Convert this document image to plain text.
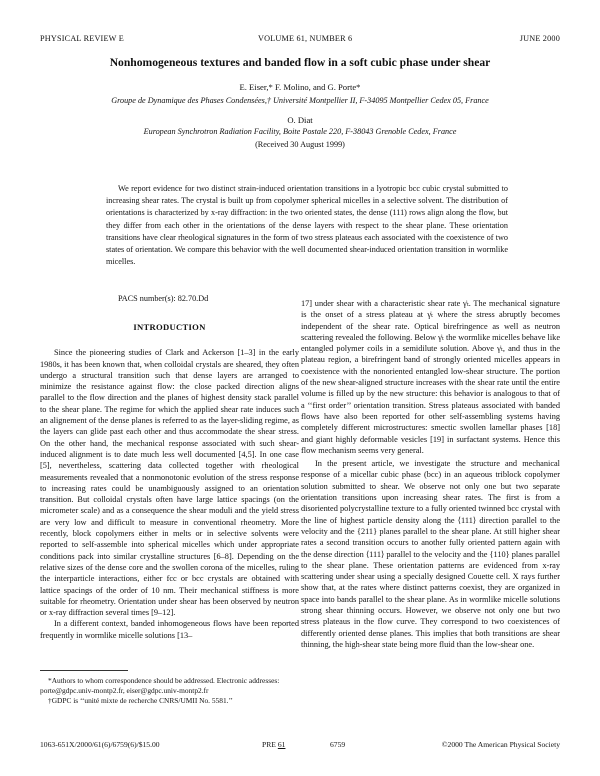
PHYSICAL REVIEW E	VOLUME 61, NUMBER 6	JUNE 2000
Nonhomogeneous textures and banded flow in a soft cubic phase under shear
E. Eiser,* F. Molino, and G. Porte*
Groupe de Dynamique des Phases Condensées,† Université Montpellier II, F-34095 Montpellier Cedex 05, France
O. Diat
European Synchrotron Radiation Facility, Boite Postale 220, F-38043 Grenoble Cedex, France
(Received 30 August 1999)

We report evidence for two distinct strain-induced orientation transitions in a lyotropic bcc cubic crystal submitted to increasing shear rates. The crystal is built up from copolymer spherical micelles in a selective solvent. The distribution of orientations is characterized by x-ray diffraction: in the two oriented states, the dense (111) rows align along the flow, but they differ from each other in the orientations of the dense layers with respect to the shear plane. These orientation transitions have clear rheological signatures in the form of two stress plateaus each associated with the coexistence of two states of orientation. We compare this behavior with the well documented shear-induced orientation transition in wormlike micelles.

PACS number(s): 82.70.Dd
INTRODUCTION

Since the pioneering studies of Clark and Ackerson [1–3] in the early 1980s, it has been known that, when colloidal crystals are sheared, they often undergo a structural transition such that dense layers are arranged to minimize the resistance against flow: the close packed direction aligns parallel to the flow direction and the planes of highest density stack parallel to the shear plane. The regime for which the applied shear rate induces such an alignement of the dense planes is referred to as the layer-sliding regime, as the layers can glide past each other and thus accommodate the shear stress. On the other hand, the mechanical response associated with such shear-induced alignment is to date much less well documented [4,5]. In one case [5], nevertheless, scattering data collected together with rheological measurements revealed that a nonmonotonic evolution of the stress response to increasing rates could be unambiguously assigned to an orientation transition. But colloidal crystals often have large lattice spacings (on the micrometer scale) and as a consequence the shear moduli and the yield stress are very low and difficult to measure in conventional rheometry. More recently, block copolymers either in melts or in selective solvents were reported to self-assemble into spherical micelles which under appropriate conditions pack into similar crystalline structures [6–8]. Depending on the relative sizes of the dense core and the swollen corona of the micelles, ruling the interparticle interactions, either fcc or bcc crystals are obtained with lattice spacings of the order of 10 nm. Their mechanical stiffness is more suitable for rheometry. Orientation under shear has been observed by neutron or x-ray diffraction several times [9–12].

In a different context, banded inhomogeneous flows have been reported frequently in wormlike micelle solutions [13–

17] under shear with a characteristic shear rate γ̇ₜ. The mechanical signature is the onset of a stress plateau at γ̇ₜ where the stress abruptly becomes independent of the shear rate. Optical birefringence as well as neutron scattering revealed the following. Below γ̇ₜ the wormlike micelles behave like entangled polymer coils in a semidilute solution. Above γ̇ₜ, and thus in the plateau region, a birefringent band of strongly oriented micelles appears in coexistence with the nonoriented entangled low-shear structure. The portion of the new shear-aligned structure increases with the shear rate until the entire volume is filled up by the new structure: this behavior is analogous to that of a ‘‘first order’’ orientation transition. Stress plateaus associated with banded flows have also been reported for other self-assembling systems having completely different microstructures: smectic swollen lamellar phases [18] and giant highly deformable vesicles [19] in surfactant systems. Hence this flow mechanism seems very general.

In the present article, we investigate the structure and mechanical response of a micellar cubic phase (bcc) in an aqueous triblock copolymer solution submitted to shear. We observe not only one but two separate orientation transitions upon increasing shear rates. The first is from a disoriented polycrystalline texture to a fully oriented twinned bcc crystal with the line of highest particle density along the ⟨111⟩ direction parallel to the velocity and the {211} planes parallel to the shear plane. At still higher shear rates a second transition occurs to another fully oriented pattern again with the dense direction ⟨111⟩ parallel to the velocity and the {110} planes parallel to the shear plane. These orientation patterns are evidenced from x-ray scattering under shear using a specially designed Couette cell. X rays further show that, at the rates where distinct patterns coexist, they are organized in space into bands parallel to the shear plane. As in wormlike micelle solutions strong shear thinning occurs. However, we observe not only one but two stress plateaus in the flow curve. They correspond to two coexistences of differently oriented dense planes. This implies that both transitions are shear thinning, the high-shear state being more fluid than the low-shear one.

*Authors to whom correspondence should be addressed. Electronic addresses: porte@gdpc.univ-montp2.fr, eiser@gdpc.univ-montp2.fr

†GDPC is ‘‘unité mixte de recherche CNRS/UMII No. 5581.’’

1063-651X/2000/61(6)/6759(6)/$15.00	PRE 61	6759	©2000 The American Physical Society
